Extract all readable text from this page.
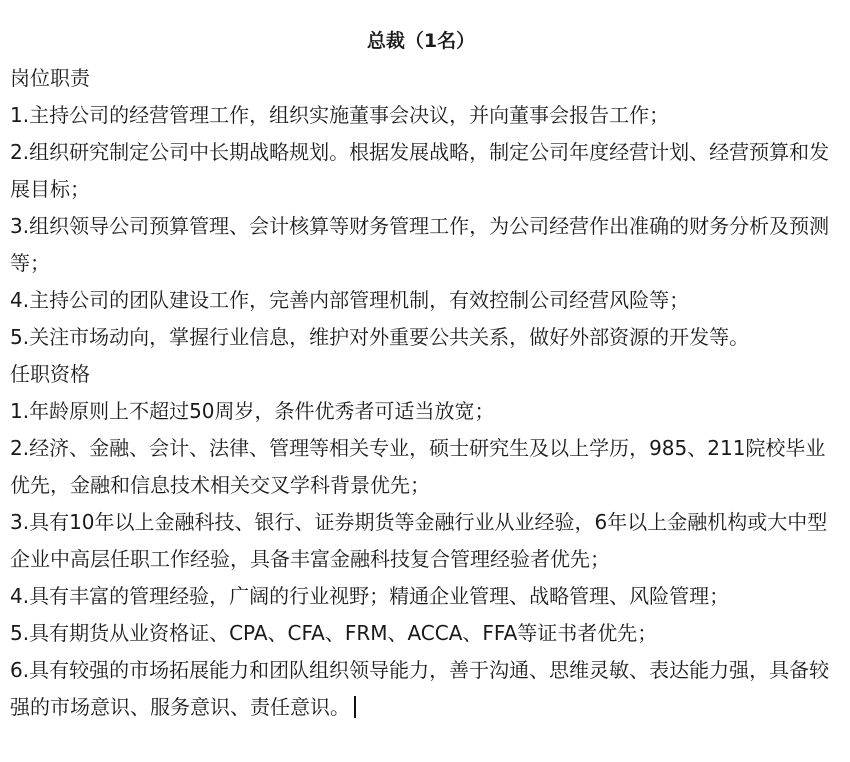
总裁（1名）

岗位职责

1.主持公司的经营管理工作，组织实施董事会决议，并向董事会报告工作；

2.组织研究制定公司中长期战略规划。根据发展战略，制定公司年度经营计划、经营预算和发展目标；

3.组织领导公司预算管理、会计核算等财务管理工作，为公司经营作出准确的财务分析及预测等；

4.主持公司的团队建设工作，完善内部管理机制，有效控制公司经营风险等；

5.关注市场动向，掌握行业信息，维护对外重要公共关系，做好外部资源的开发等。

任职资格

1.年龄原则上不超过50周岁，条件优秀者可适当放宽；

2.经济、金融、会计、法律、管理等相关专业，硕士研究生及以上学历，985、211院校毕业优先，金融和信息技术相关交叉学科背景优先；

3.具有10年以上金融科技、银行、证券期货等金融行业从业经验，6年以上金融机构或大中型企业中高层任职工作经验，具备丰富金融科技复合管理经验者优先；

4.具有丰富的管理经验，广阔的行业视野；精通企业管理、战略管理、风险管理；

5.具有期货从业资格证、CPA、CFA、FRM、ACCA、FFA等证书者优先；

6.具有较强的市场拓展能力和团队组织领导能力，善于沟通、思维灵敏、表达能力强，具备较强的市场意识、服务意识、责任意识。
